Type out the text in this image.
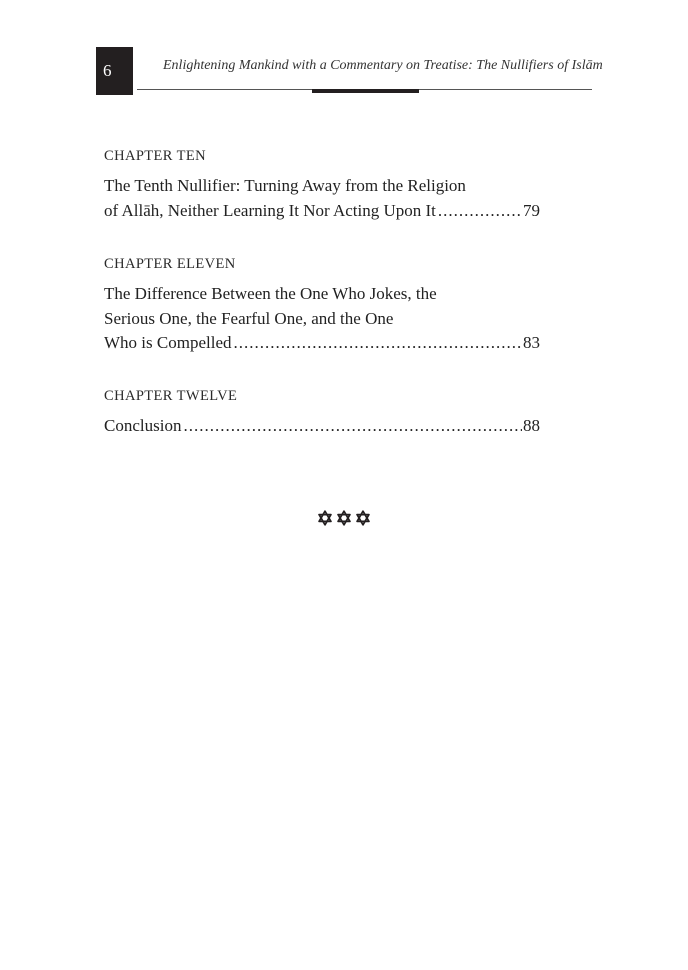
6	Enlightening Mankind with a Commentary on Treatise: The Nullifiers of Islām
CHAPTER TEN
The Tenth Nullifier: Turning Away from the Religion
of Allāh, Neither Learning It Nor Acting Upon It .....	79
CHAPTER ELEVEN
The Difference Between the One Who Jokes, the
Serious One, the Fearful One, and the One
Who is Compelled .....	83
CHAPTER TWELVE
Conclusion .....	88
